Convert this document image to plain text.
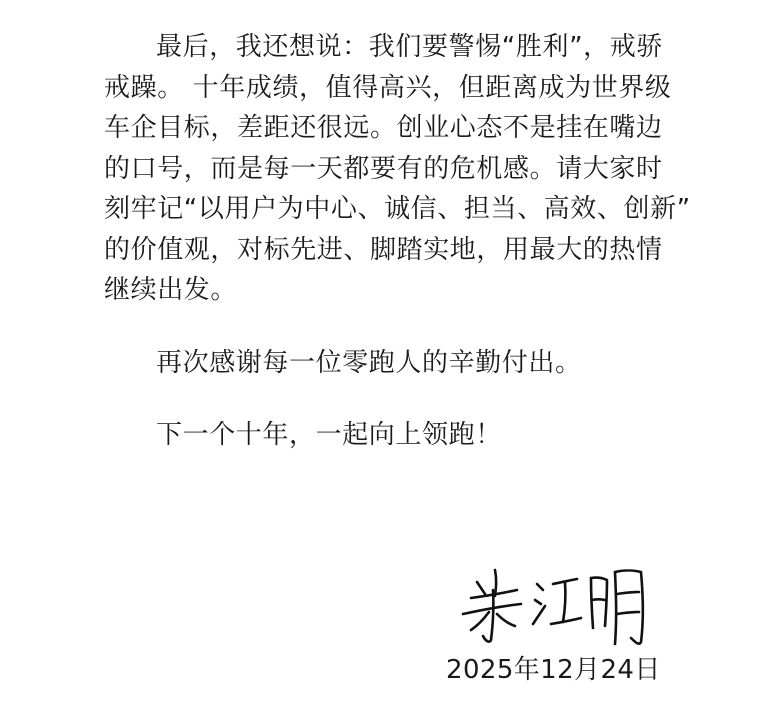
最后，我还想说：我们要警惕“胜利”，戒骄
戒躁。 十年成绩，值得高兴，但距离成为世界级
车企目标，差距还很远。创业心态不是挂在嘴边
的口号，而是每一天都要有的危机感。请大家时
刻牢记“以用户为中心、诚信、担当、高效、创新”
的价值观，对标先进、脚踏实地，用最大的热情
继续出发。
再次感谢每一位零跑人的辛勤付出。
下一个十年，一起向上领跑！
2025年12月24日
